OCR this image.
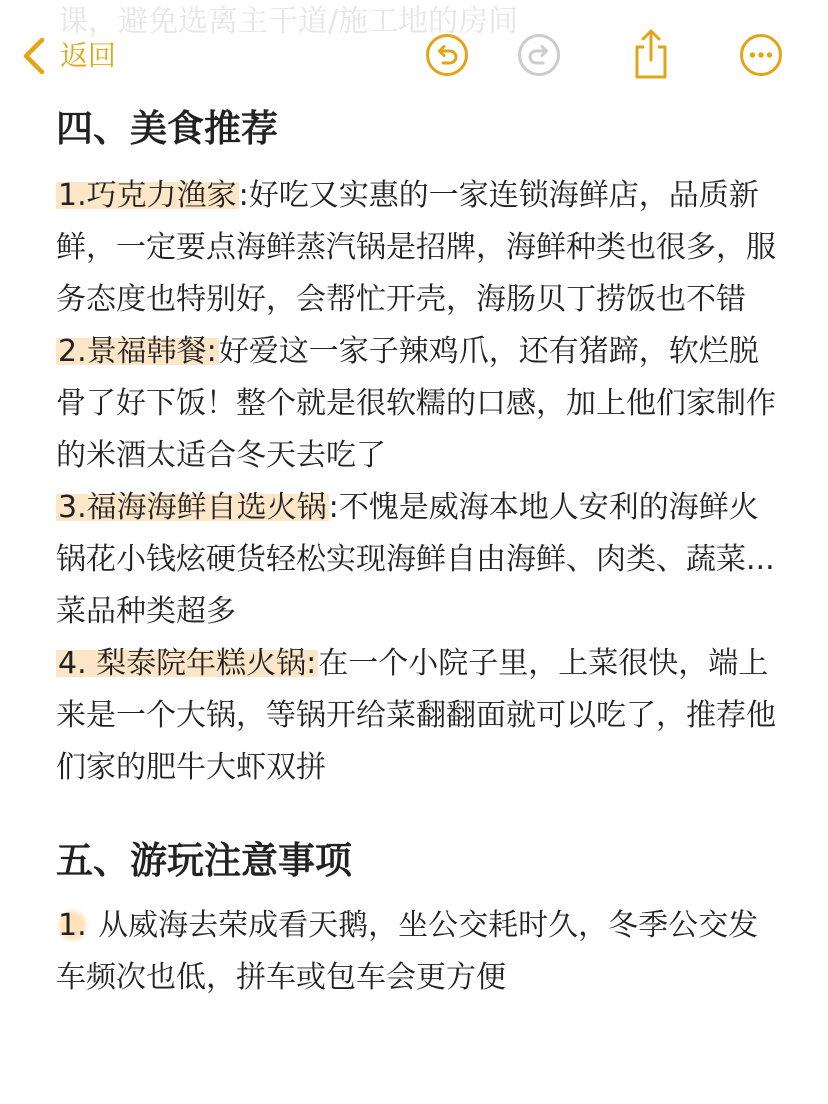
课，避免选离主干道/施工地的房间
返回
四、美食推荐

1.巧克力渔家:好吃又实惠的一家连锁海鲜店，品质新鲜，一定要点海鲜蒸汽锅是招牌，海鲜种类也很多，服务态度也特别好，会帮忙开壳，海肠贝丁捞饭也不错

2.景福韩餐:好爱这一家子辣鸡爪，还有猪蹄，软烂脱骨了好下饭！整个就是很软糯的口感，加上他们家制作的米酒太适合冬天去吃了

3.福海海鲜自选火锅:不愧是威海本地人安利的海鲜火锅花小钱炫硬货轻松实现海鲜自由海鲜、肉类、蔬菜...菜品种类超多

4. 梨泰院年糕火锅:在一个小院子里，上菜很快，端上来是一个大锅，等锅开给菜翻翻面就可以吃了，推荐他们家的肥牛大虾双拼

五、游玩注意事项

1. 从威海去荣成看天鹅，坐公交耗时久，冬季公交发车频次也低，拼车或包车会更方便
